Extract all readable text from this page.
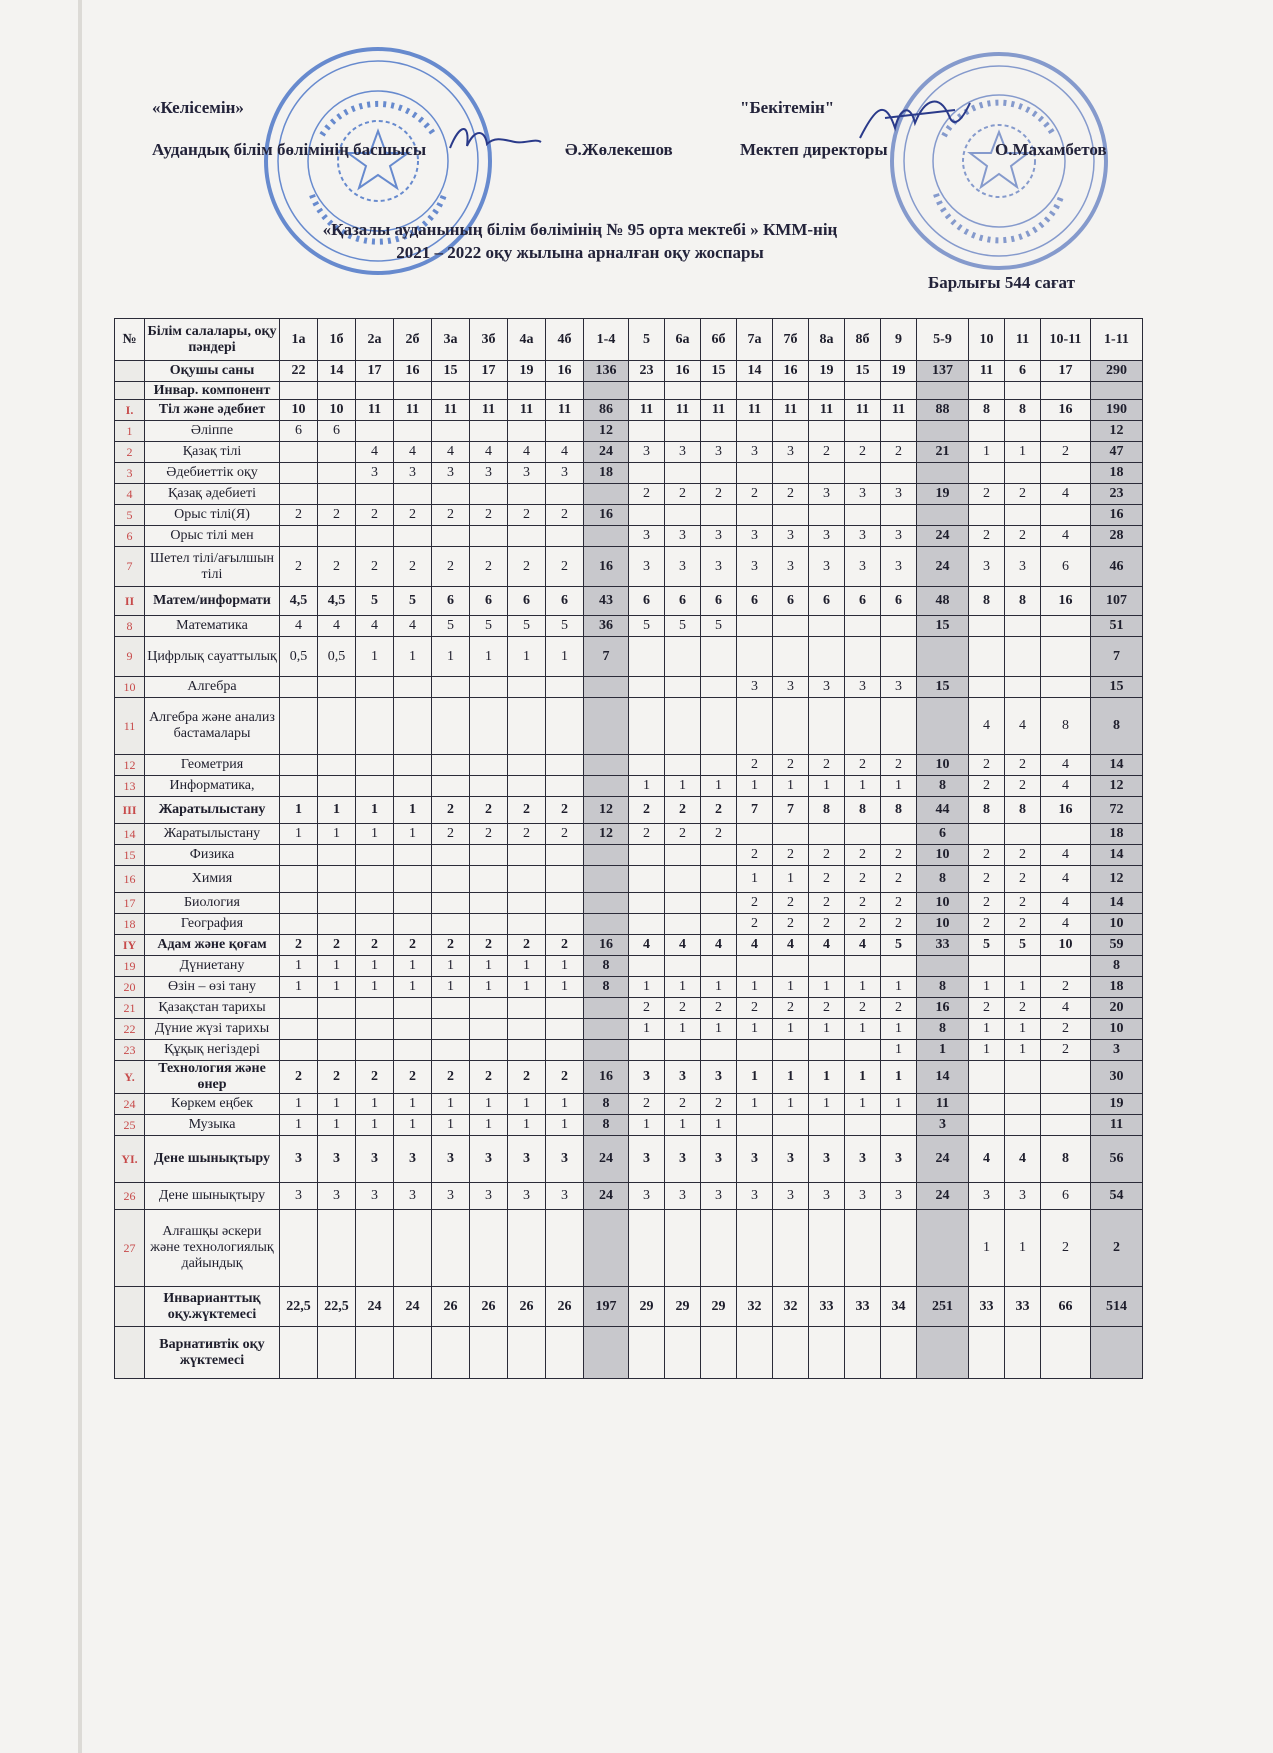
«Келісемін»
Аудандық білім бөлімінің басшысы	Ә.Жөлекешов
"Бекітемін"
Мектеп директоры	О.Махамбетов
«Қазалы ауданының білім бөлімінің № 95 орта мектебі » КММ-нің
2021 – 2022 оқу жылына арналған оқу жоспары
Барлығы 544 сағат
№	Білім салалары, оқу пәндері	1а	1б	2а	2б	3а	3б	4а	4б	1-4	5	6а	6б	7а	7б	8а	8б	9	5-9	10	11	10-11	1-11
	Оқушы саны	22	14	17	16	15	17	19	16	136	23	16	15	14	16	19	15	19	137	11	6	17	290
	Инвар. компонент																						
I.	Тіл және әдебиет	10	10	11	11	11	11	11	11	86	11	11	11	11	11	11	11	11	88	8	8	16	190
1	Әліппе	6	6							12													12
2	Қазақ тілі			4	4	4	4	4	4	24	3	3	3	3	3	2	2	2	21	1	1	2	47
3	Әдебиеттік оқу			3	3	3	3	3	3	18													18
4	Қазақ әдебиеті										2	2	2	2	2	3	3	3	19	2	2	4	23
5	Орыс тілі(Я)	2	2	2	2	2	2	2	2	16													16
6	Орыс тілі мен										3	3	3	3	3	3	3	3	24	2	2	4	28
7	Шетел тілі/ағылшын тілі	2	2	2	2	2	2	2	2	16	3	3	3	3	3	3	3	3	24	3	3	6	46
II	Матем/информати	4,5	4,5	5	5	6	6	6	6	43	6	6	6	6	6	6	6	6	48	8	8	16	107
8	Математика	4	4	4	4	5	5	5	5	36	5	5	5						15				51
9	Цифрлық сауаттылық	0,5	0,5	1	1	1	1	1	1	7													7
10	Алгебра													3	3	3	3	3	15				15
11	Алгебра және анализ бастамалары																			4	4	8	8
12	Геометрия													2	2	2	2	2	10	2	2	4	14
13	Информатика,										1	1	1	1	1	1	1	1	8	2	2	4	12
III	Жаратылыстану	1	1	1	1	2	2	2	2	12	2	2	2	7	7	8	8	8	44	8	8	16	72
14	Жаратылыстану	1	1	1	1	2	2	2	2	12	2	2	2						6				18
15	Физика													2	2	2	2	2	10	2	2	4	14
16	Химия													1	1	2	2	2	8	2	2	4	12
17	Биология													2	2	2	2	2	10	2	2	4	14
18	География													2	2	2	2	2	10	2	2	4	10
IY	Адам және қоғам	2	2	2	2	2	2	2	2	16	4	4	4	4	4	4	4	5	33	5	5	10	59
19	Дүниетану	1	1	1	1	1	1	1	1	8													8
20	Өзін – өзі тану	1	1	1	1	1	1	1	1	8	1	1	1	1	1	1	1	1	8	1	1	2	18
21	Қазақстан тарихы										2	2	2	2	2	2	2	2	16	2	2	4	20
22	Дүние жүзі тарихы										1	1	1	1	1	1	1	1	8	1	1	2	10
23	Құқық негіздері																	1	1	1	1	2	3
Y.	Технология және өнер	2	2	2	2	2	2	2	2	16	3	3	3	1	1	1	1	1	14				30
24	Көркем еңбек	1	1	1	1	1	1	1	1	8	2	2	2	1	1	1	1	1	11				19
25	Музыка	1	1	1	1	1	1	1	1	8	1	1	1						3				11
YI.	Дене шынықтыру	3	3	3	3	3	3	3	3	24	3	3	3	3	3	3	3	3	24	4	4	8	56
26	Дене шынықтыру	3	3	3	3	3	3	3	3	24	3	3	3	3	3	3	3	3	24	3	3	6	54
27	Алғашқы әскери және технологиялық дайындық																			1	1	2	2
	Инварианттық оқу.жүктемесі	22,5	22,5	24	24	26	26	26	26	197	29	29	29	32	32	33	33	34	251	33	33	66	514
	Варнативтік оқу жүктемесі																						
